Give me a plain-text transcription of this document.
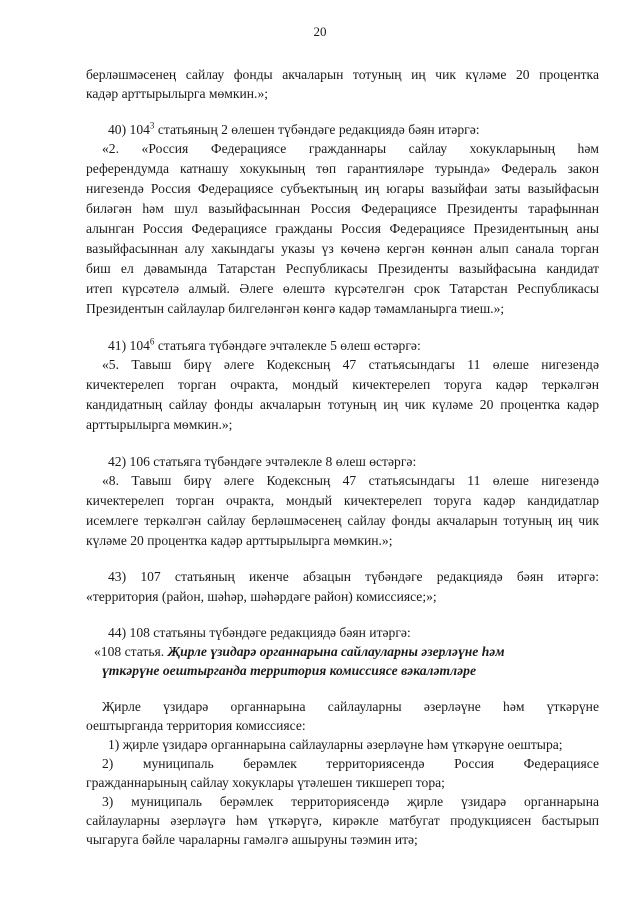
20
берләшмәсенең сайлау фонды акчаларын тотуның иң чик күләме 20 процентка
кадәр арттырылырга мөмкин.»;
40) $104^3$ статьяның 2 өлешен түбәндәге редакциядә бәян итәргә:
«2. «Россия Федерациясе гражданнары сайлау хокукларының һәм
референдумда катнашу хокукының төп гарантияләре турында» Федераль закон
нигезендә Россия Федерациясе субъектының иң югары вазыйфаи заты вазыйфасын
биләгән һәм шул вазыйфасыннан Россия Федерациясе Президенты тарафыннан
алынган Россия Федерациясе гражданы Россия Федерациясе Президентының аны
вазыйфасыннан алу хакындагы указы үз көченә кергән көннән алып санала торган
биш ел дәвамында Татарстан Республикасы Президенты вазыйфасына кандидат
итеп күрсәтелә алмый. Әлеге өлештә күрсәтелгән срок Татарстан Республикасы
Президентын сайлаулар билгеләнгән көнгә кадәр тәмамланырга тиеш.»;
41) $104^6$ статьяга түбәндәге эчтәлекле 5 өлеш өстәргә:
«5. Тавыш бирү әлеге Кодексның 47 статьясындагы 11 өлеше нигезендә
кичектерелеп торган очракта, мондый кичектерелеп торуга кадәр теркәлгән
кандидатның сайлау фонды акчаларын тотуның иң чик күләме 20 процентка кадәр
арттырылырга мөмкин.»;
42) 106 статьяга түбәндәге эчтәлекле 8 өлеш өстәргә:
«8. Тавыш бирү әлеге Кодексның 47 статьясындагы 11 өлеше нигезендә
кичектерелеп торган очракта, мондый кичектерелеп торуга кадәр кандидатлар
исемлеге теркәлгән сайлау берләшмәсенең сайлау фонды акчаларын тотуның иң чик
күләме 20 процентка кадәр арттырылырга мөмкин.»;
43) 107 статьяның икенче абзацын түбәндәге редакциядә бәян итәргә:
«территория (район, шәһәр, шәһәрдәге район) комиссиясе;»;
44) 108 статьяны түбәндәге редакциядә бәян итәргә:
«108 статья. Җирле үзидарә органнарына сайлауларны әзерләүне һәм
үткәрүне оештырганда территория комиссиясе вәкаләтләре
Җирле үзидарә органнарына сайлауларны әзерләүне һәм үткәрүне
оештырганда территория комиссиясе:
1) җирле үзидарә органнарына сайлауларны әзерләүне һәм үткәрүне оештыра;
2) муниципаль берәмлек территориясендә Россия Федерациясе
гражданнарының сайлау хокуклары үтәлешен тикшереп тора;
3) муниципаль берәмлек территориясендә җирле үзидарә органнарына
сайлауларны әзерләүгә һәм үткәрүгә, кирәкле матбугат продукциясен бастырып
чыгаруга бәйле чараларны гамәлгә ашыруны тәэмин итә;
